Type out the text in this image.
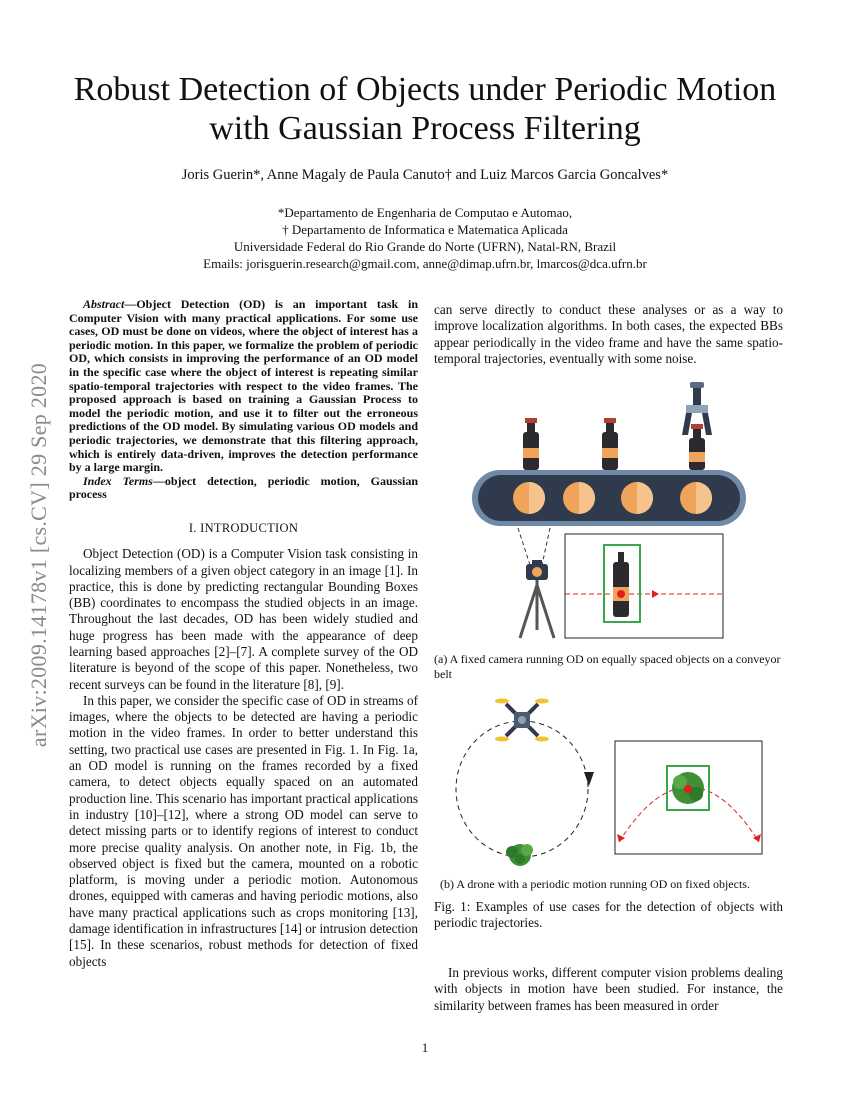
Robust Detection of Objects under Periodic Motion
with Gaussian Process Filtering
Joris Guerin*, Anne Magaly de Paula Canuto† and Luiz Marcos Garcia Goncalves*
*Departamento de Engenharia de Computao e Automao,
† Departamento de Informatica e Matematica Aplicada
Universidade Federal do Rio Grande do Norte (UFRN), Natal-RN, Brazil
Emails: jorisguerin.research@gmail.com, anne@dimap.ufrn.br, lmarcos@dca.ufrn.br
arXiv:2009.14178v1 [cs.CV] 29 Sep 2020

Abstract—Object Detection (OD) is an important task in Computer Vision with many practical applications. For some use cases, OD must be done on videos, where the object of interest has a periodic motion. In this paper, we formalize the problem of periodic OD, which consists in improving the performance of an OD model in the specific case where the object of interest is repeating similar spatio-temporal trajectories with respect to the video frames. The proposed approach is based on training a Gaussian Process to model the periodic motion, and use it to filter out the erroneous predictions of the OD model. By simulating various OD models and periodic trajectories, we demonstrate that this filtering approach, which is entirely data-driven, improves the detection performance by a large margin.

Index Terms—object detection, periodic motion, Gaussian process

I. INTRODUCTION

Object Detection (OD) is a Computer Vision task consisting in localizing members of a given object category in an image [1]. In practice, this is done by predicting rectangular Bounding Boxes (BB) coordinates to encompass the studied objects in an image. Throughout the last decades, OD has been widely studied and huge progress has been made with the appearance of deep learning based approaches [2]–[7]. A complete survey of the OD literature is beyond of the scope of this paper. Nonetheless, two recent surveys can be found in the literature [8], [9].

In this paper, we consider the specific case of OD in streams of images, where the objects to be detected are having a periodic motion in the video frames. In order to better understand this setting, two practical use cases are presented in Fig. 1. In Fig. 1a, an OD model is running on the frames recorded by a fixed camera, to detect objects equally spaced on an automated production line. This scenario has important practical applications in industry [10]–[12], where a strong OD model can serve to detect missing parts or to identify regions of interest to conduct more precise quality analysis. On another note, in Fig. 1b, the observed object is fixed but the camera, mounted on a robotic platform, is moving under a periodic motion. Autonomous drones, equipped with cameras and having periodic motions, also have many practical applications such as crops monitoring [13], damage identification in infrastructures [14] or intrusion detection [15]. In these scenarios, robust methods for detection of fixed objects

can serve directly to conduct these analyses or as a way to improve localization algorithms. In both cases, the expected BBs appear periodically in the video frame and have the same spatio-temporal trajectories, eventually with some noise.
(a) A fixed camera running OD on equally spaced objects on a conveyor belt
(b) A drone with a periodic motion running OD on fixed objects.
Fig. 1: Examples of use cases for the detection of objects with periodic trajectories.
In previous works, different computer vision problems dealing with objects in motion have been studied. For instance, the similarity between frames has been measured in order
1
